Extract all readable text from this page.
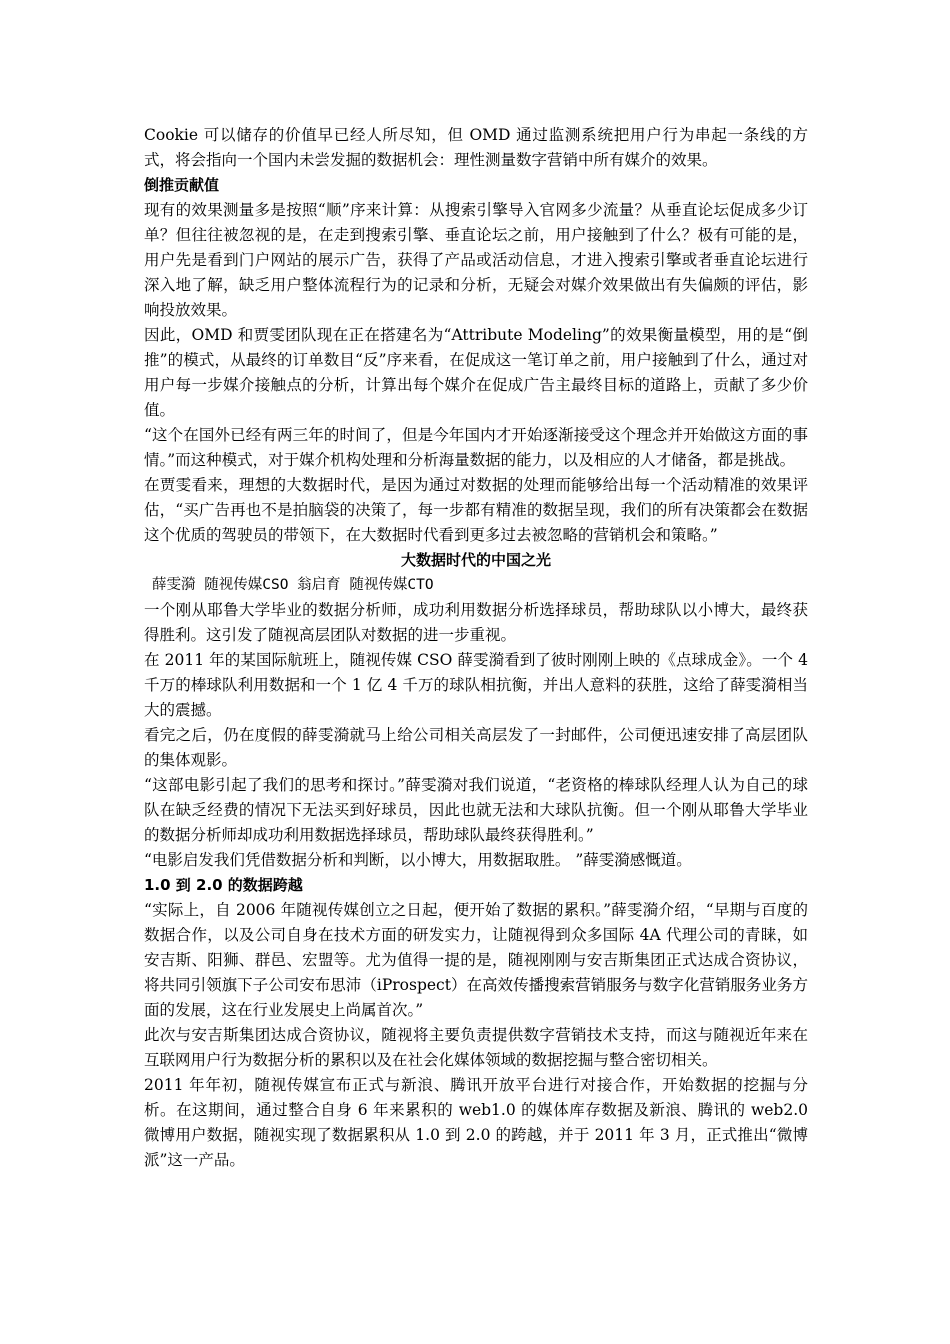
Cookie 可以储存的价值早已经人所尽知，但 OMD 通过监测系统把用户行为串起一条线的方式，将会指向一个国内未尝发掘的数据机会：理性测量数字营销中所有媒介的效果。

倒推贡献值

现有的效果测量多是按照“顺”序来计算：从搜索引擎导入官网多少流量？从垂直论坛促成多少订单？但往往被忽视的是，在走到搜索引擎、垂直论坛之前，用户接触到了什么？极有可能的是，用户先是看到门户网站的展示广告，获得了产品或活动信息，才进入搜索引擎或者垂直论坛进行深入地了解，缺乏用户整体流程行为的记录和分析，无疑会对媒介效果做出有失偏颇的评估，影响投放效果。

因此，OMD 和贾雯团队现在正在搭建名为“Attribute Modeling”的效果衡量模型，用的是“倒推”的模式，从最终的订单数目“反”序来看，在促成这一笔订单之前，用户接触到了什么，通过对用户每一步媒介接触点的分析，计算出每个媒介在促成广告主最终目标的道路上，贡献了多少价值。

“这个在国外已经有两三年的时间了，但是今年国内才开始逐渐接受这个理念并开始做这方面的事情。”而这种模式，对于媒介机构处理和分析海量数据的能力，以及相应的人才储备，都是挑战。

在贾雯看来，理想的大数据时代，是因为通过对数据的处理而能够给出每一个活动精准的效果评估，“买广告再也不是拍脑袋的决策了，每一步都有精准的数据呈现，我们的所有决策都会在数据这个优质的驾驶员的带领下，在大数据时代看到更多过去被忽略的营销机会和策略。”

大数据时代的中国之光

薛雯漪 随视传媒CSO 翁启育 随视传媒CTO

一个刚从耶鲁大学毕业的数据分析师，成功利用数据分析选择球员，帮助球队以小博大，最终获得胜利。这引发了随视高层团队对数据的进一步重视。

在 2011 年的某国际航班上，随视传媒 CSO 薛雯漪看到了彼时刚刚上映的《点球成金》。一个 4 千万的棒球队利用数据和一个 1 亿 4 千万的球队相抗衡，并出人意料的获胜，这给了薛雯漪相当大的震撼。

看完之后，仍在度假的薛雯漪就马上给公司相关高层发了一封邮件，公司便迅速安排了高层团队的集体观影。

“这部电影引起了我们的思考和探讨。”薛雯漪对我们说道，“老资格的棒球队经理人认为自己的球队在缺乏经费的情况下无法买到好球员，因此也就无法和大球队抗衡。但一个刚从耶鲁大学毕业的数据分析师却成功利用数据选择球员，帮助球队最终获得胜利。”

“电影启发我们凭借数据分析和判断，以小博大，用数据取胜。 ”薛雯漪感慨道。

1.0 到 2.0 的数据跨越

“实际上，自 2006 年随视传媒创立之日起，便开始了数据的累积。”薛雯漪介绍，“早期与百度的数据合作，以及公司自身在技术方面的研发实力，让随视得到众多国际 4A 代理公司的青睐，如安吉斯、阳狮、群邑、宏盟等。尤为值得一提的是，随视刚刚与安吉斯集团正式达成合资协议，将共同引领旗下子公司安布思沛（iProspect）在高效传播搜索营销服务与数字化营销服务业务方面的发展，这在行业发展史上尚属首次。”

此次与安吉斯集团达成合资协议，随视将主要负责提供数字营销技术支持，而这与随视近年来在互联网用户行为数据分析的累积以及在社会化媒体领域的数据挖掘与整合密切相关。

2011 年年初，随视传媒宣布正式与新浪、腾讯开放平台进行对接合作，开始数据的挖掘与分析。在这期间，通过整合自身 6 年来累积的 web1.0 的媒体库存数据及新浪、腾讯的 web2.0 微博用户数据，随视实现了数据累积从 1.0 到 2.0 的跨越，并于 2011 年 3 月，正式推出“微博派”这一产品。
